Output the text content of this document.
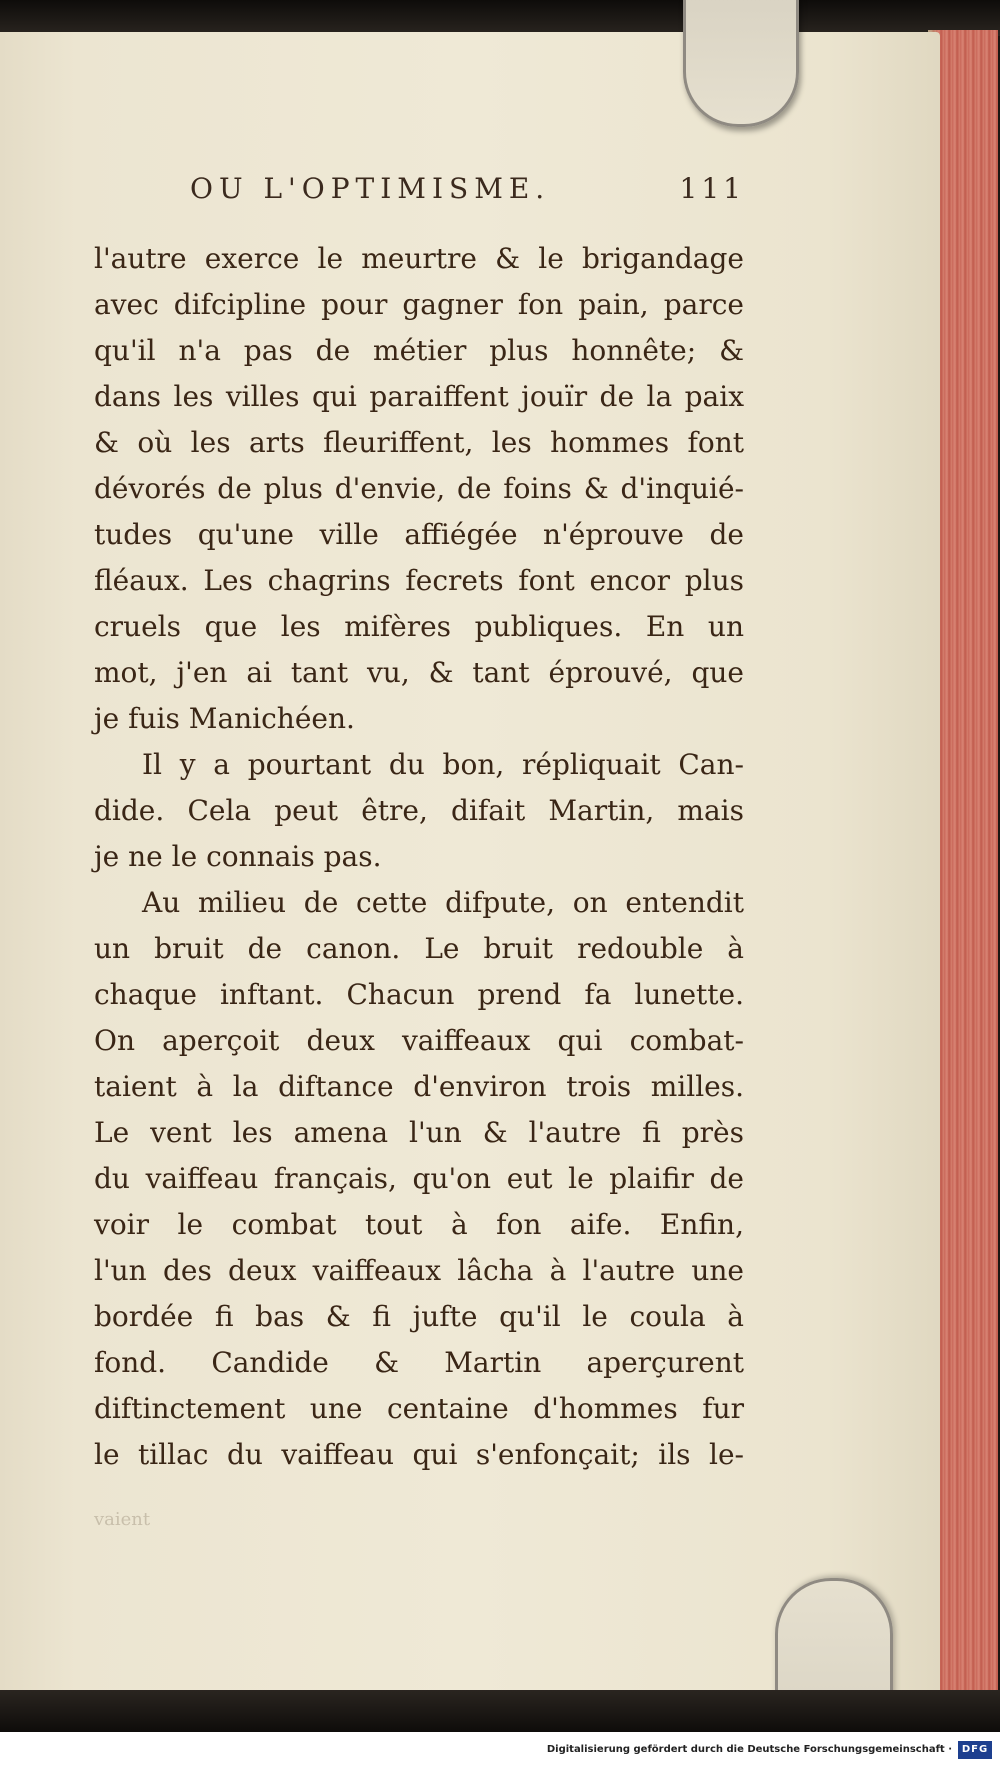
OU L'OPTIMISME.	111
l'autre exerce le meurtre & le brigandage
avec difcipline pour gagner fon pain, parce
qu'il n'a pas de métier plus honnête; &
dans les villes qui paraiffent jouïr de la paix
& où les arts fleuriffent, les hommes font
dévorés de plus d'envie, de foins & d'inquié-
tudes qu'une ville affiégée n'éprouve de
fléaux. Les chagrins fecrets font encor plus
cruels que les mifères publiques. En un
mot, j'en ai tant vu, & tant éprouvé, que
je fuis Manichéen.
Il y a pourtant du bon, répliquait Can-
dide. Cela peut être, difait Martin, mais
je ne le connais pas.
Au milieu de cette difpute, on entendit
un bruit de canon. Le bruit redouble à
chaque inftant. Chacun prend fa lunette.
On aperçoit deux vaiffeaux qui combat-
taient à la diftance d'environ trois milles.
Le vent les amena l'un & l'autre fi près
du vaiffeau français, qu'on eut le plaifir de
voir le combat tout à fon aife. Enfin,
l'un des deux vaiffeaux lâcha à l'autre une
bordée fi bas & fi jufte qu'il le coula à
fond. Candide & Martin aperçurent
diftinctement une centaine d'hommes fur
le tillac du vaiffeau qui s'enfonçait; ils le-
vaient
Digitalisierung gefördert durch die Deutsche Forschungsgemeinschaft · DFG
